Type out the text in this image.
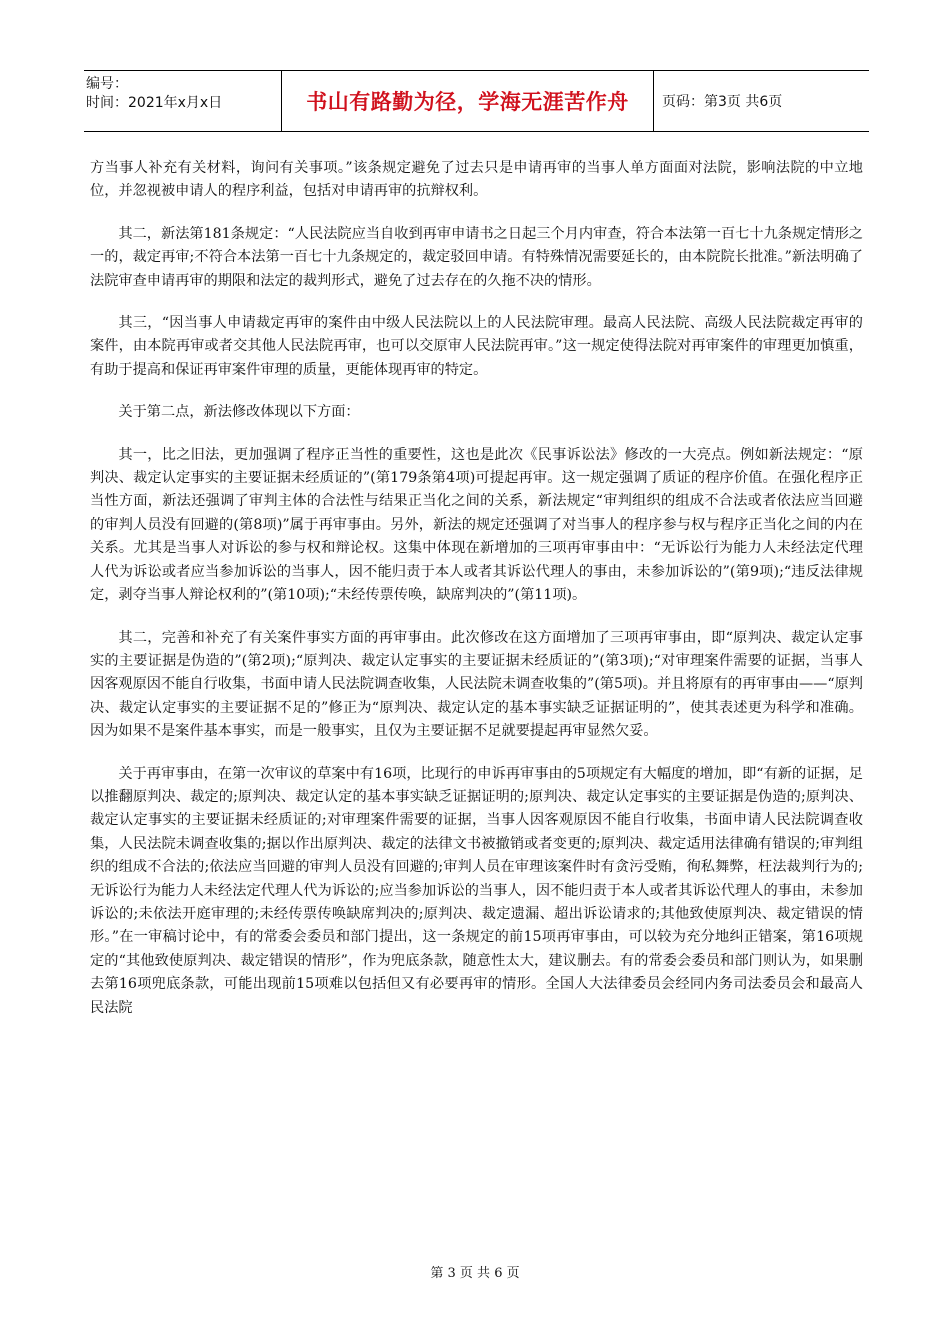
编号：
时间：2021年x月x日	书山有路勤为径，学海无涯苦作舟	页码：第3页 共6页

方当事人补充有关材料，询问有关事项。”该条规定避免了过去只是申请再审的当事人单方面面对法院，影响法院的中立地位，并忽视被申请人的程序利益，包括对申请再审的抗辩权利。

其二，新法第181条规定：“人民法院应当自收到再审申请书之日起三个月内审查，符合本法第一百七十九条规定情形之一的，裁定再审;不符合本法第一百七十九条规定的，裁定驳回申请。有特殊情况需要延长的，由本院院长批准。”新法明确了法院审查申请再审的期限和法定的裁判形式，避免了过去存在的久拖不决的情形。

其三，“因当事人申请裁定再审的案件由中级人民法院以上的人民法院审理。最高人民法院、高级人民法院裁定再审的案件，由本院再审或者交其他人民法院再审，也可以交原审人民法院再审。”这一规定使得法院对再审案件的审理更加慎重，有助于提高和保证再审案件审理的质量，更能体现再审的特定。

关于第二点，新法修改体现以下方面：

其一，比之旧法，更加强调了程序正当性的重要性，这也是此次《民事诉讼法》修改的一大亮点。例如新法规定：“原判决、裁定认定事实的主要证据未经质证的”(第179条第4项)可提起再审。这一规定强调了质证的程序价值。在强化程序正当性方面，新法还强调了审判主体的合法性与结果正当化之间的关系，新法规定“审判组织的组成不合法或者依法应当回避的审判人员没有回避的(第8项)”属于再审事由。另外，新法的规定还强调了对当事人的程序参与权与程序正当化之间的内在关系。尤其是当事人对诉讼的参与权和辩论权。这集中体现在新增加的三项再审事由中：“无诉讼行为能力人未经法定代理人代为诉讼或者应当参加诉讼的当事人，因不能归责于本人或者其诉讼代理人的事由，未参加诉讼的”(第9项);“违反法律规定，剥夺当事人辩论权利的”(第10项);“未经传票传唤，缺席判决的”(第11项)。

其二，完善和补充了有关案件事实方面的再审事由。此次修改在这方面增加了三项再审事由，即“原判决、裁定认定事实的主要证据是伪造的”(第2项);“原判决、裁定认定事实的主要证据未经质证的”(第3项);“对审理案件需要的证据，当事人因客观原因不能自行收集，书面申请人民法院调查收集，人民法院未调查收集的”(第5项)。并且将原有的再审事由——“原判决、裁定认定事实的主要证据不足的”修正为“原判决、裁定认定的基本事实缺乏证据证明的”，使其表述更为科学和准确。因为如果不是案件基本事实，而是一般事实，且仅为主要证据不足就要提起再审显然欠妥。

关于再审事由，在第一次审议的草案中有16项，比现行的申诉再审事由的5项规定有大幅度的增加，即“有新的证据，足以推翻原判决、裁定的;原判决、裁定认定的基本事实缺乏证据证明的;原判决、裁定认定事实的主要证据是伪造的;原判决、裁定认定事实的主要证据未经质证的;对审理案件需要的证据，当事人因客观原因不能自行收集，书面申请人民法院调查收集，人民法院未调查收集的;据以作出原判决、裁定的法律文书被撤销或者变更的;原判决、裁定适用法律确有错误的;审判组织的组成不合法的;依法应当回避的审判人员没有回避的;审判人员在审理该案件时有贪污受贿，徇私舞弊，枉法裁判行为的;无诉讼行为能力人未经法定代理人代为诉讼的;应当参加诉讼的当事人，因不能归责于本人或者其诉讼代理人的事由，未参加诉讼的;未依法开庭审理的;未经传票传唤缺席判决的;原判决、裁定遗漏、超出诉讼请求的;其他致使原判决、裁定错误的情形。”在一审稿讨论中，有的常委会委员和部门提出，这一条规定的前15项再审事由，可以较为充分地纠正错案，第16项规定的“其他致使原判决、裁定错误的情形”，作为兜底条款，随意性太大，建议删去。有的常委会委员和部门则认为，如果删去第16项兜底条款，可能出现前15项难以包括但又有必要再审的情形。全国人大法律委员会经同内务司法委员会和最高人民法院

第 3 页 共 6 页
